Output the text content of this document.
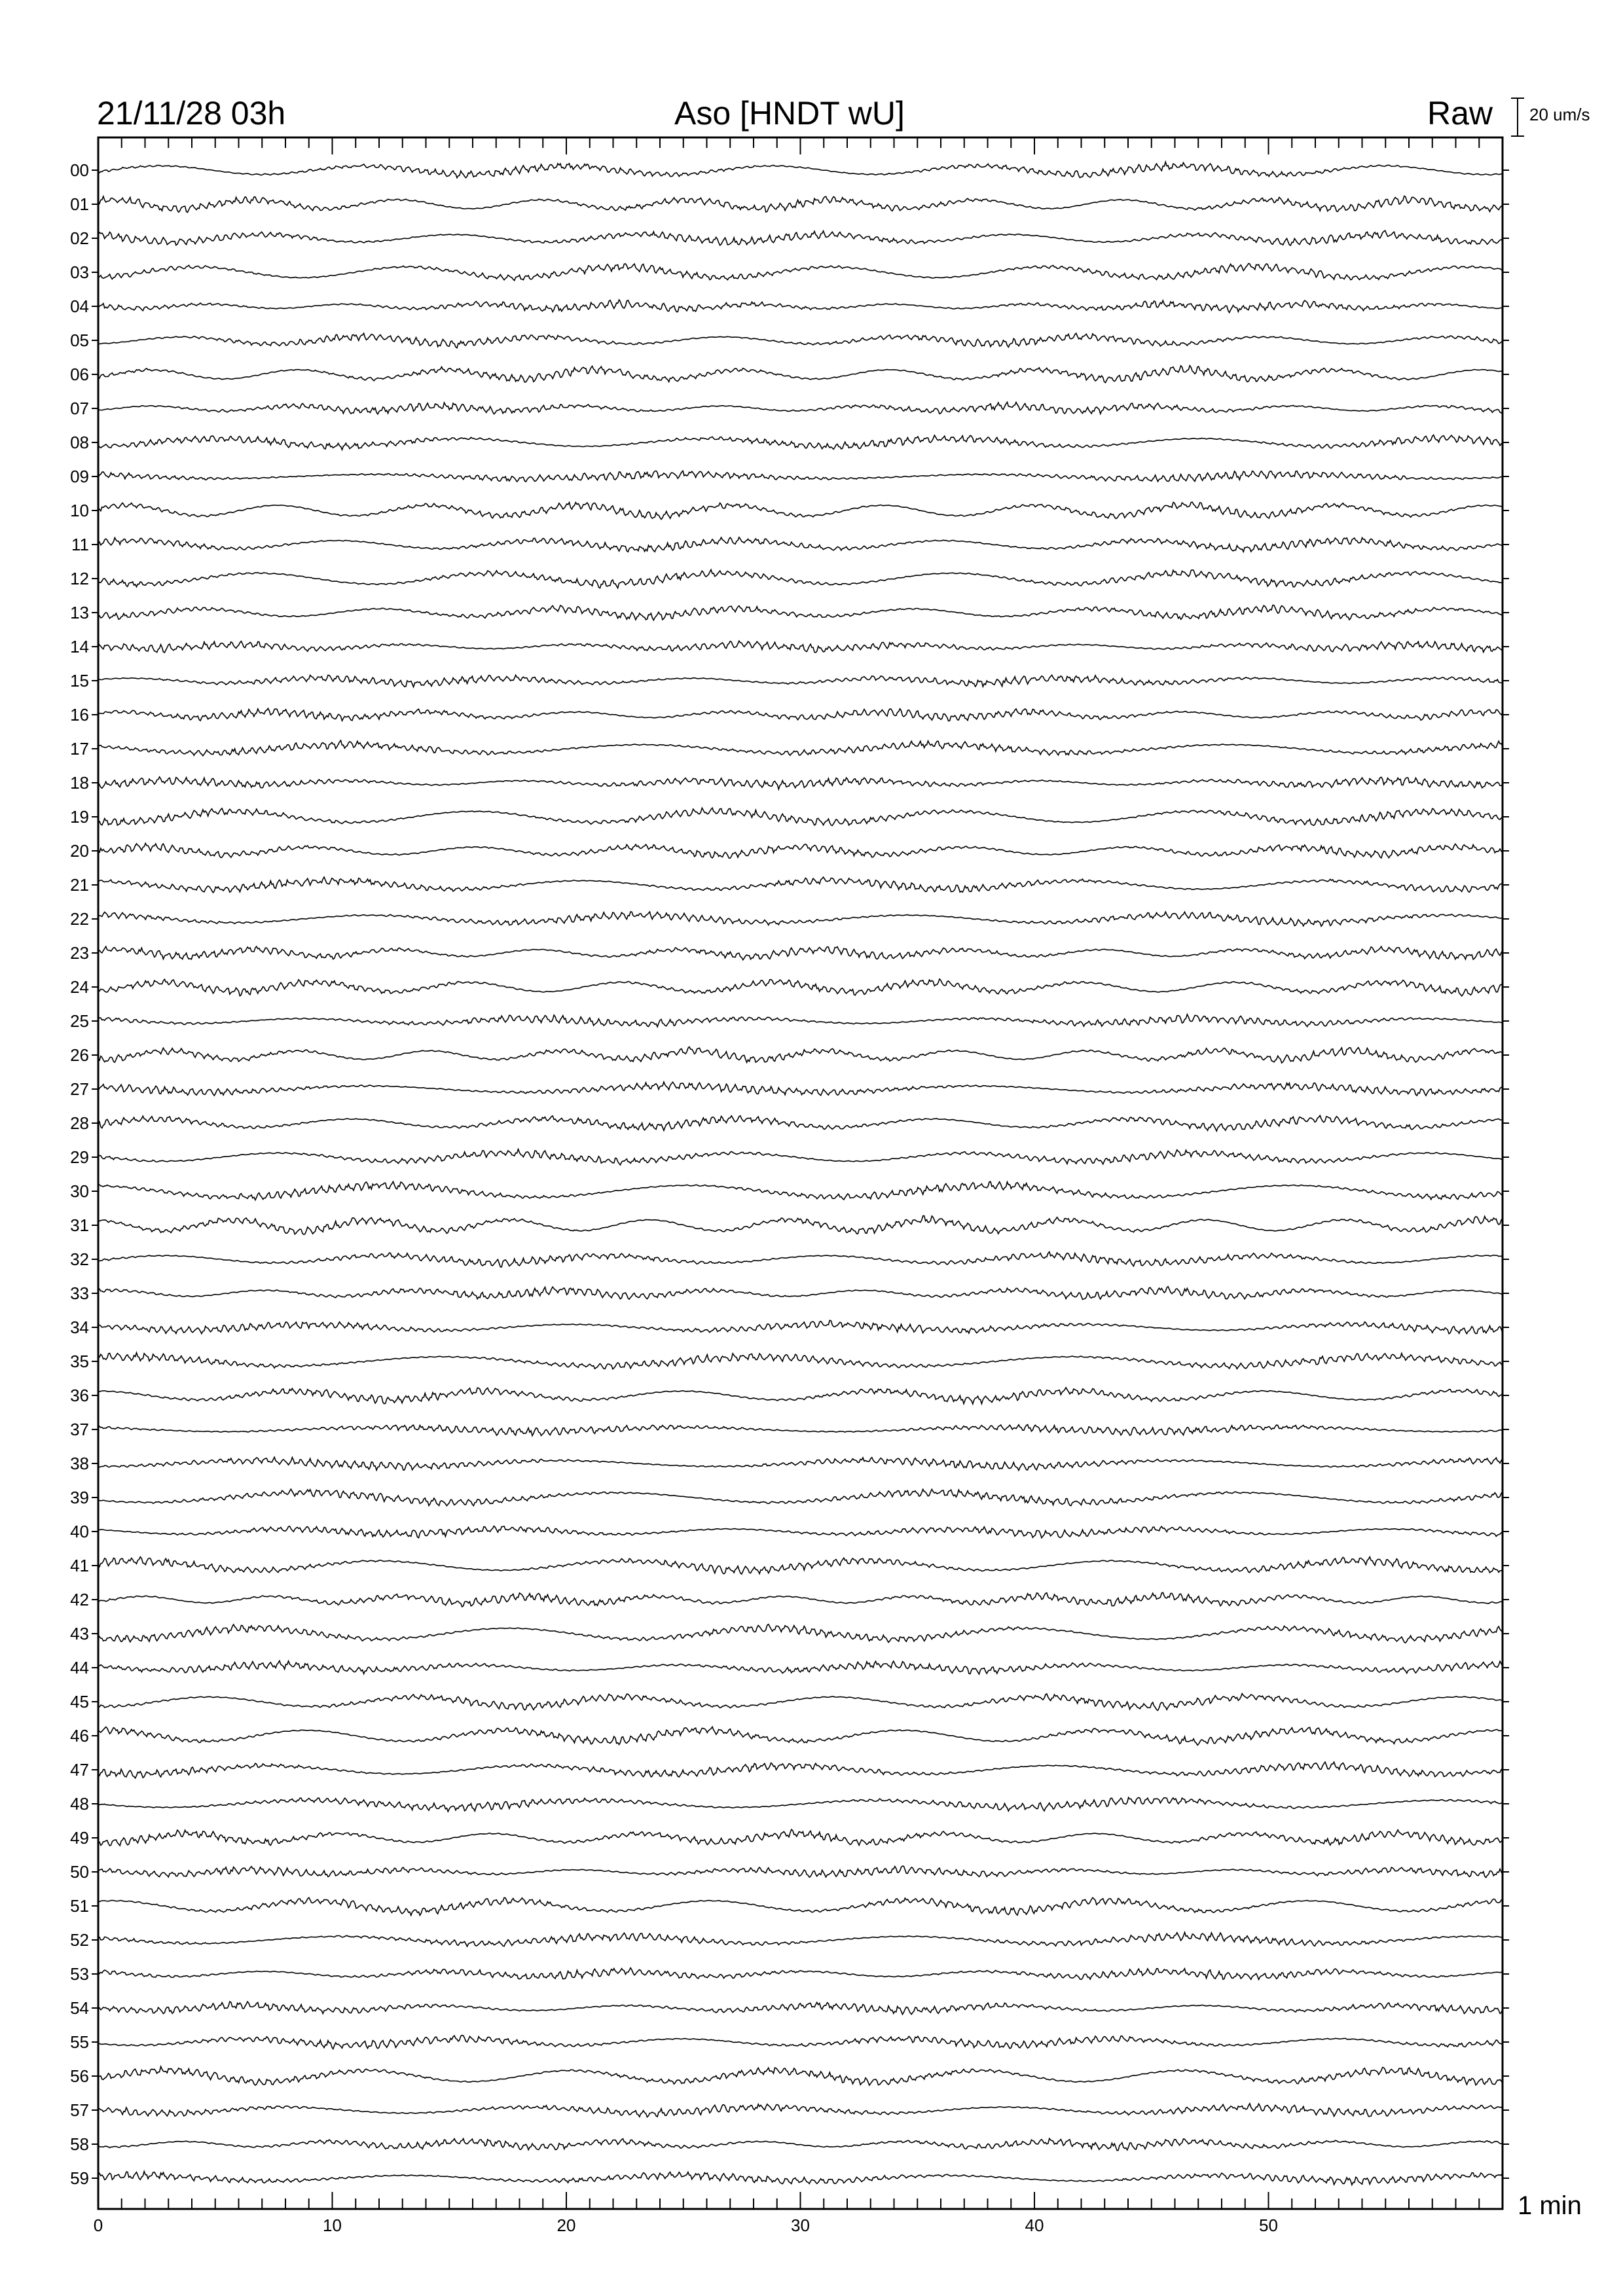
21/11/28 03h	Aso [HNDT wU]	Raw 20 um/s
1 min
00
01
02
03
04
05
06
07
08
09
10
11
12
13
14
15
16
17
18
19
20
21
22
23
24
25
26
27
28
29
30
31
32
33
34
35
36
37
38
39
40
41
42
43
44
45
46
47
48
49
50
51
52
53
54
55
56
57
58
59
0	10	20	30	40	50
